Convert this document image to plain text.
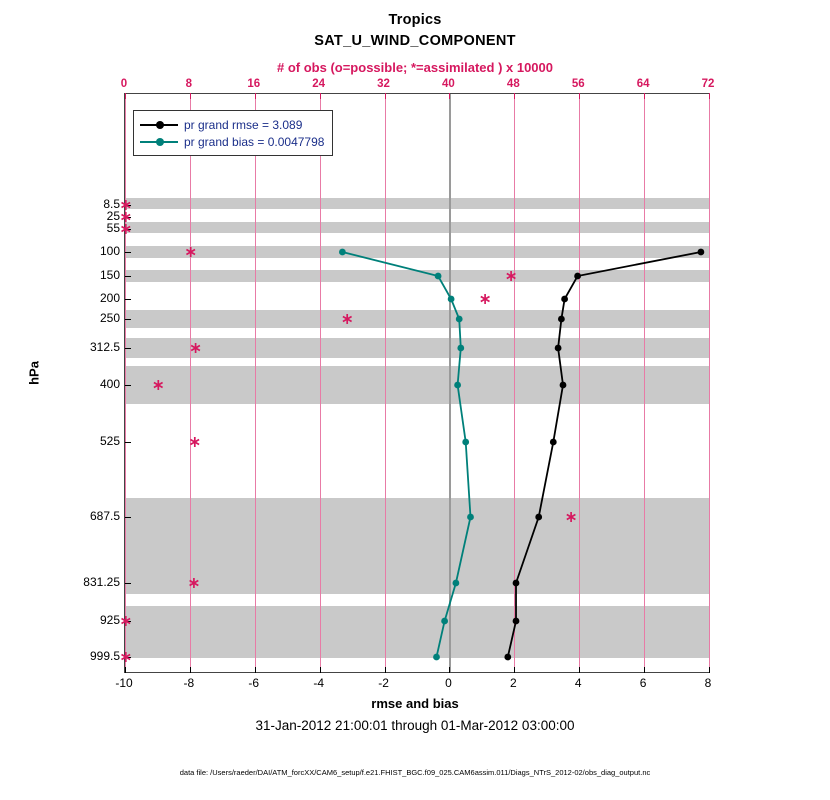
Tropics
SAT_U_WIND_COMPONENT
# of obs (o=possible; *=assimilated ) x 10000
0	8	16	24	32	40	48	56	64	72
8.5
25
55
100
150
200
250
312.5
400
525
687.5
831.25
925
999.5
hPa
-10	-8	-6	-4	-2	0	2	4	6	8
rmse and bias
31-Jan-2012 21:00:01 through 01-Mar-2012 03:00:00
data file: /Users/raeder/DAI/ATM_forcXX/CAM6_setup/f.e21.FHIST_BGC.f09_025.CAM6assim.011/Diags_NTrS_2012-02/obs_diag_output.nc
pr grand rmse = 3.089
pr grand bias = 0.0047798
